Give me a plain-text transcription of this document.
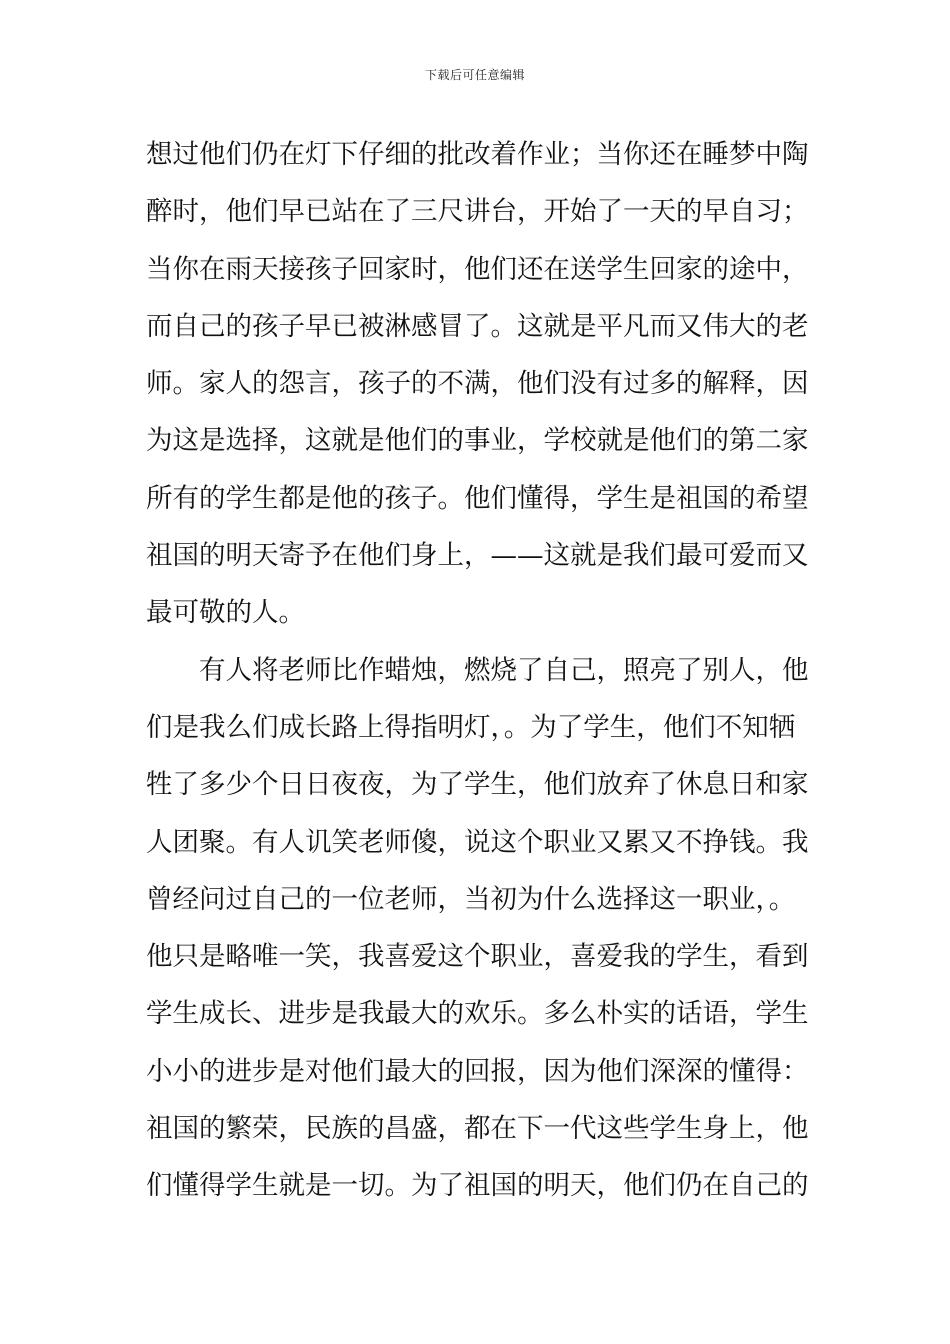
下载后可任意编辑
想过他们仍在灯下仔细的批改着作业；当你还在睡梦中陶
醉时，他们早已站在了三尺讲台，开始了一天的早自习；
当你在雨天接孩子回家时，他们还在送学生回家的途中，
而自己的孩子早已被淋感冒了。这就是平凡而又伟大的老
师。家人的怨言，孩子的不满，他们没有过多的解释，因
为这是选择，这就是他们的事业，学校就是他们的第二家
所有的学生都是他的孩子。他们懂得，学生是祖国的希望
祖国的明天寄予在他们身上，——这就是我们最可爱而又
最可敬的人。
有人将老师比作蜡烛，燃烧了自己，照亮了别人，他
们是我么们成长路上得指明灯，。为了学生，他们不知牺
牲了多少个日日夜夜，为了学生，他们放弃了休息日和家
人团聚。有人讥笑老师傻，说这个职业又累又不挣钱。我
曾经问过自己的一位老师，当初为什么选择这一职业，。
他只是略唯一笑，我喜爱这个职业，喜爱我的学生，看到
学生成长、进步是我最大的欢乐。多么朴实的话语，学生
小小的进步是对他们最大的回报，因为他们深深的懂得：
祖国的繁荣，民族的昌盛，都在下一代这些学生身上，他
们懂得学生就是一切。为了祖国的明天，他们仍在自己的
